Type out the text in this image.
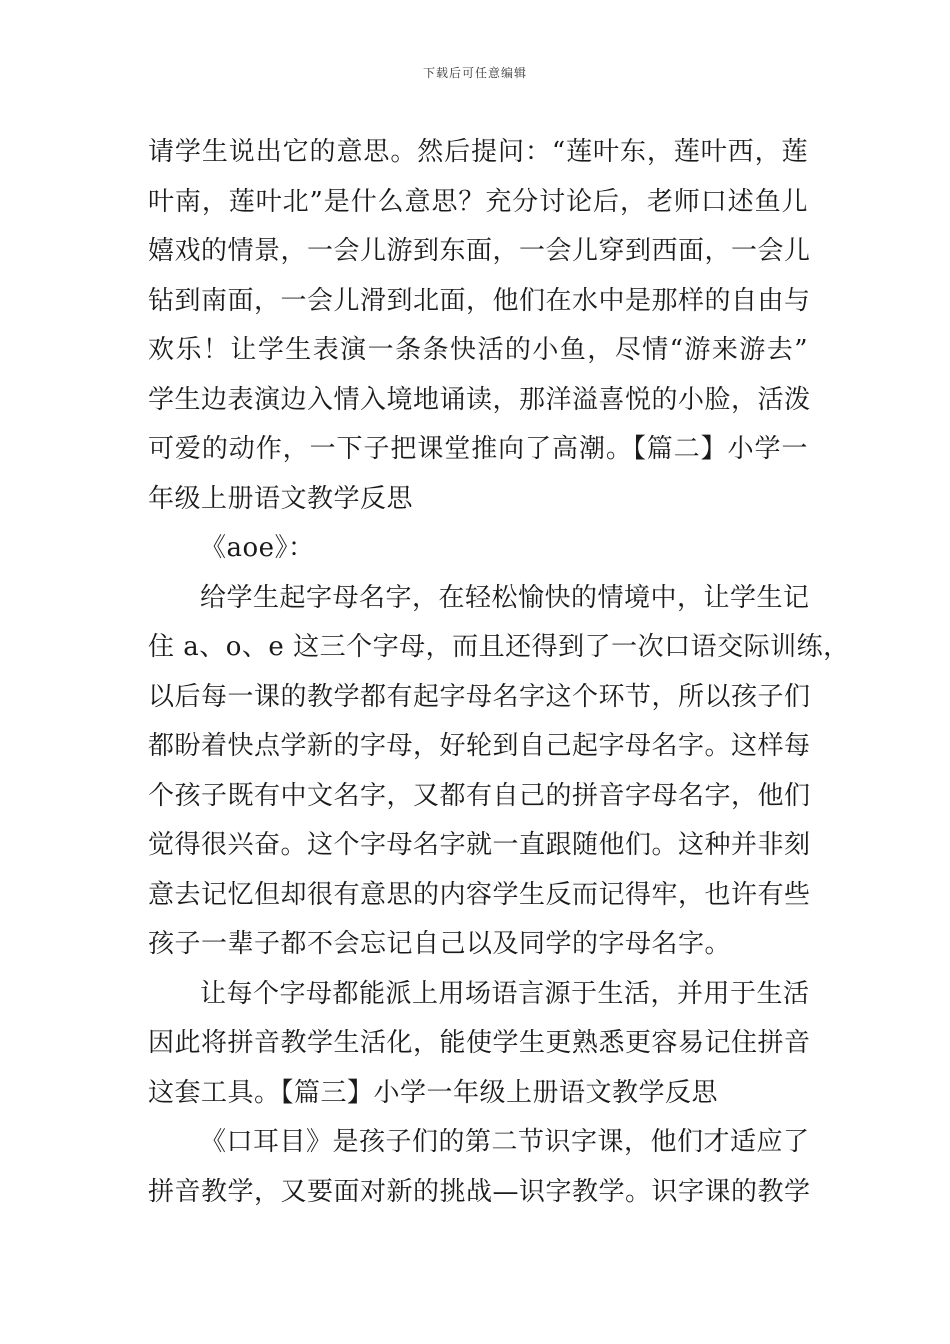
下载后可任意编辑
请学生说出它的意思。然后提问：“莲叶东，莲叶西，莲
叶南，莲叶北”是什么意思？充分讨论后，老师口述鱼儿
嬉戏的情景，一会儿游到东面，一会儿穿到西面，一会儿
钻到南面，一会儿滑到北面，他们在水中是那样的自由与
欢乐！让学生表演一条条快活的小鱼，尽情“游来游去”
学生边表演边入情入境地诵读，那洋溢喜悦的小脸，活泼
可爱的动作，一下子把课堂推向了高潮。【篇二】小学一
年级上册语文教学反思
《aoe》：
给学生起字母名字，在轻松愉快的情境中，让学生记
住 a、o、e 这三个字母，而且还得到了一次口语交际训练，
以后每一课的教学都有起字母名字这个环节，所以孩子们
都盼着快点学新的字母，好轮到自己起字母名字。这样每
个孩子既有中文名字，又都有自己的拼音字母名字，他们
觉得很兴奋。这个字母名字就一直跟随他们。这种并非刻
意去记忆但却很有意思的内容学生反而记得牢，也许有些
孩子一辈子都不会忘记自己以及同学的字母名字。
让每个字母都能派上用场语言源于生活，并用于生活
因此将拼音教学生活化，能使学生更熟悉更容易记住拼音
这套工具。【篇三】小学一年级上册语文教学反思
《口耳目》是孩子们的第二节识字课，他们才适应了
拼音教学，又要面对新的挑战—识字教学。识字课的教学
